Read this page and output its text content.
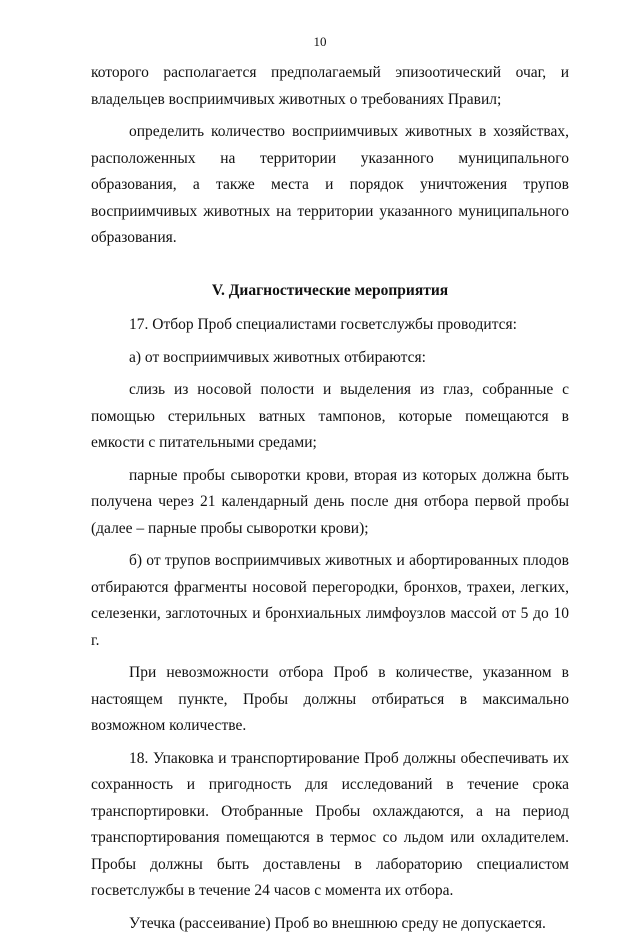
10

которого располагается предполагаемый эпизоотический очаг, и владельцев восприимчивых животных о требованиях Правил;

определить количество восприимчивых животных в хозяйствах, расположенных на территории указанного муниципального образования, а также места и порядок уничтожения трупов восприимчивых животных на территории указанного муниципального образования.

V. Диагностические мероприятия

17. Отбор Проб специалистами госветслужбы проводится:

а) от восприимчивых животных отбираются:

слизь из носовой полости и выделения из глаз, собранные с помощью стерильных ватных тампонов, которые помещаются в емкости с питательными средами;

парные пробы сыворотки крови, вторая из которых должна быть получена через 21 календарный день после дня отбора первой пробы (далее – парные пробы сыворотки крови);

б) от трупов восприимчивых животных и абортированных плодов отбираются фрагменты носовой перегородки, бронхов, трахеи, легких, селезенки, заглоточных и бронхиальных лимфоузлов массой от 5 до 10 г.

При невозможности отбора Проб в количестве, указанном в настоящем пункте, Пробы должны отбираться в максимально возможном количестве.

18. Упаковка и транспортирование Проб должны обеспечивать их сохранность и пригодность для исследований в течение срока транспортировки. Отобранные Пробы охлаждаются, а на период транспортирования помещаются в термос со льдом или охладителем. Пробы должны быть доставлены в лабораторию специалистом госветслужбы в течение 24 часов с момента их отбора.

Утечка (рассеивание) Проб во внешнюю среду не допускается.
